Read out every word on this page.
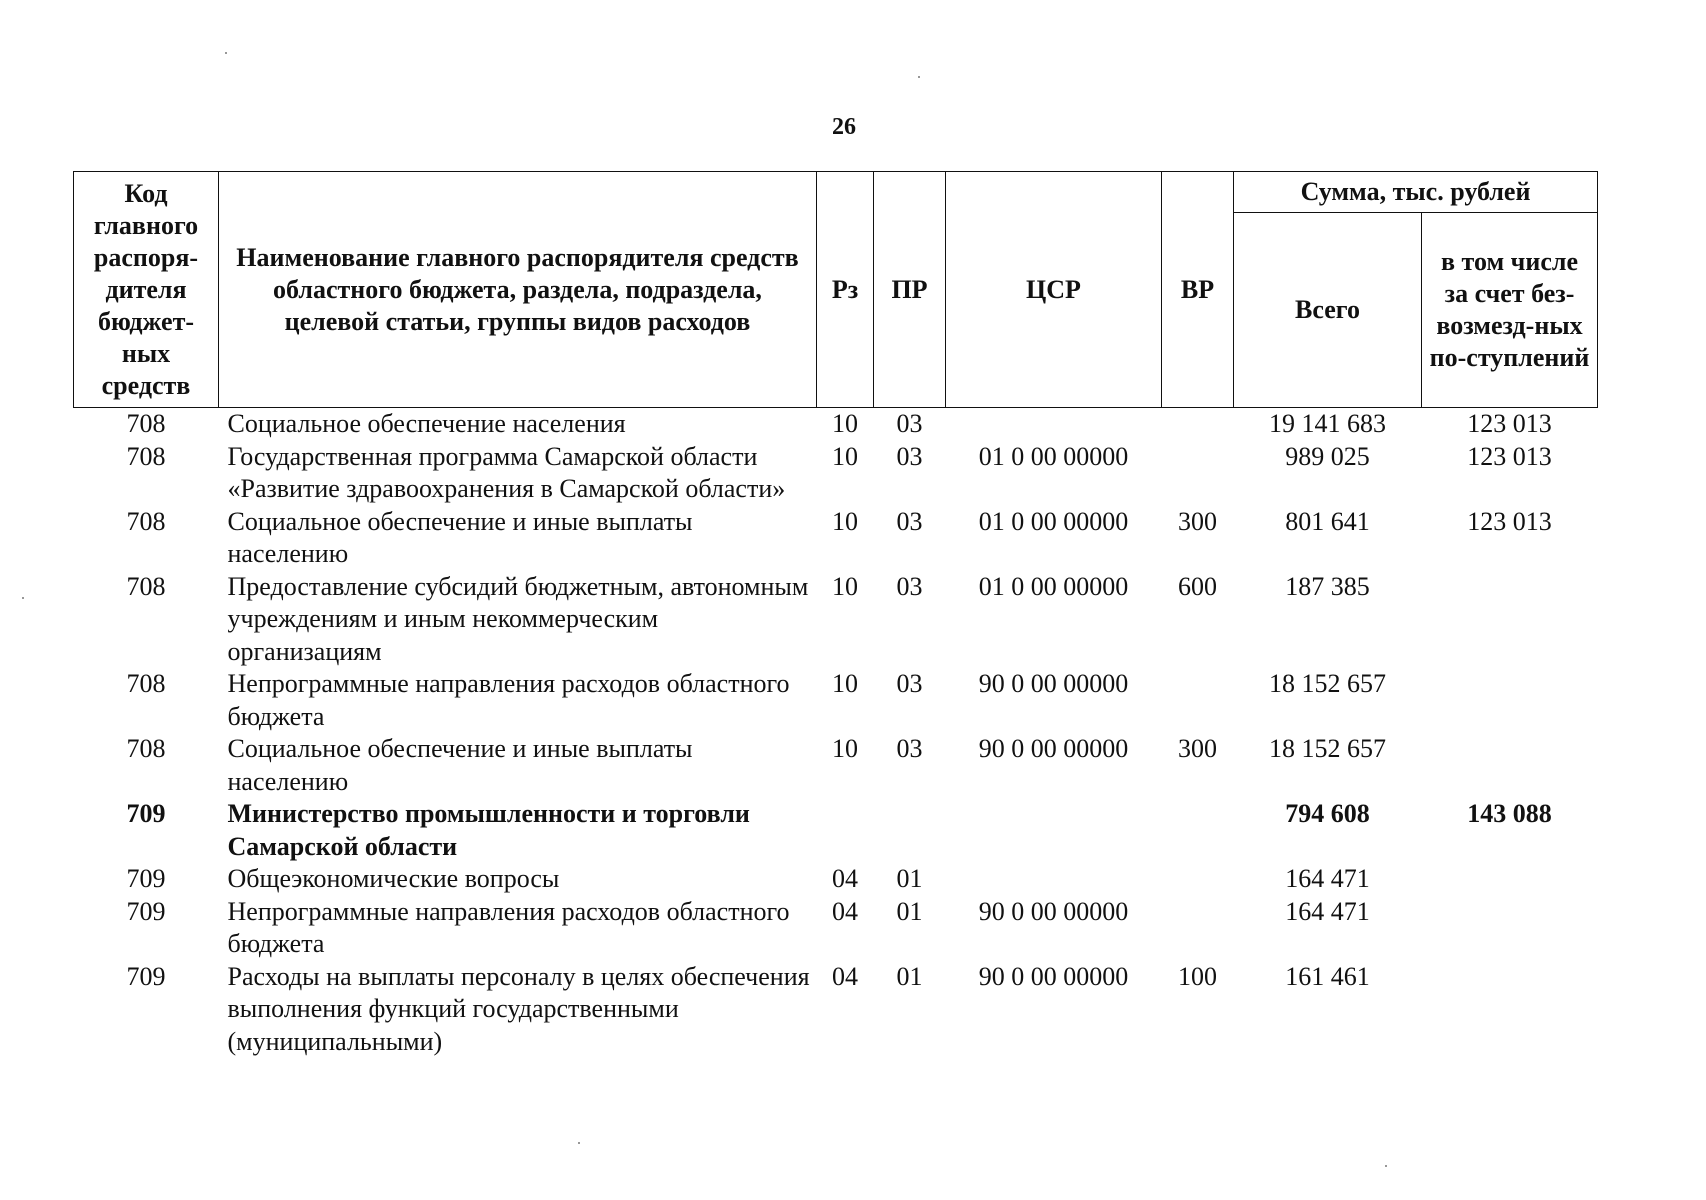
26
Код главного распоря-дителя бюджет-ных средств	Наименование главного распорядителя средств областного бюджета, раздела, подраздела, целевой статьи, группы видов расходов	Рз	ПР	ЦСР	ВР	Сумма, тыс. рублей	
						Всего	в том числе за счет без-возмезд-ных по-ступлений
708	Социальное обеспечение населения	10	03			19 141 683	123 013
708	Государственная программа Самарской области «Развитие здравоохранения в Самарской области»	10	03	01 0 00 00000		989 025	123 013
708	Социальное обеспечение и иные выплаты населению	10	03	01 0 00 00000	300	801 641	123 013
708	Предоставление субсидий бюджетным, автономным учреждениям и иным некоммерческим организациям	10	03	01 0 00 00000	600	187 385	
708	Непрограммные направления расходов областного бюджета	10	03	90 0 00 00000		18 152 657	
708	Социальное обеспечение и иные выплаты населению	10	03	90 0 00 00000	300	18 152 657	
709	Министерство промышленности и торговли Самарской области					794 608	143 088
709	Общеэкономические вопросы	04	01			164 471	
709	Непрограммные направления расходов областного бюджета	04	01	90 0 00 00000		164 471	
709	Расходы на выплаты персоналу в целях обеспечения выполнения функций государственными (муниципальными)	04	01	90 0 00 00000	100	161 461	
